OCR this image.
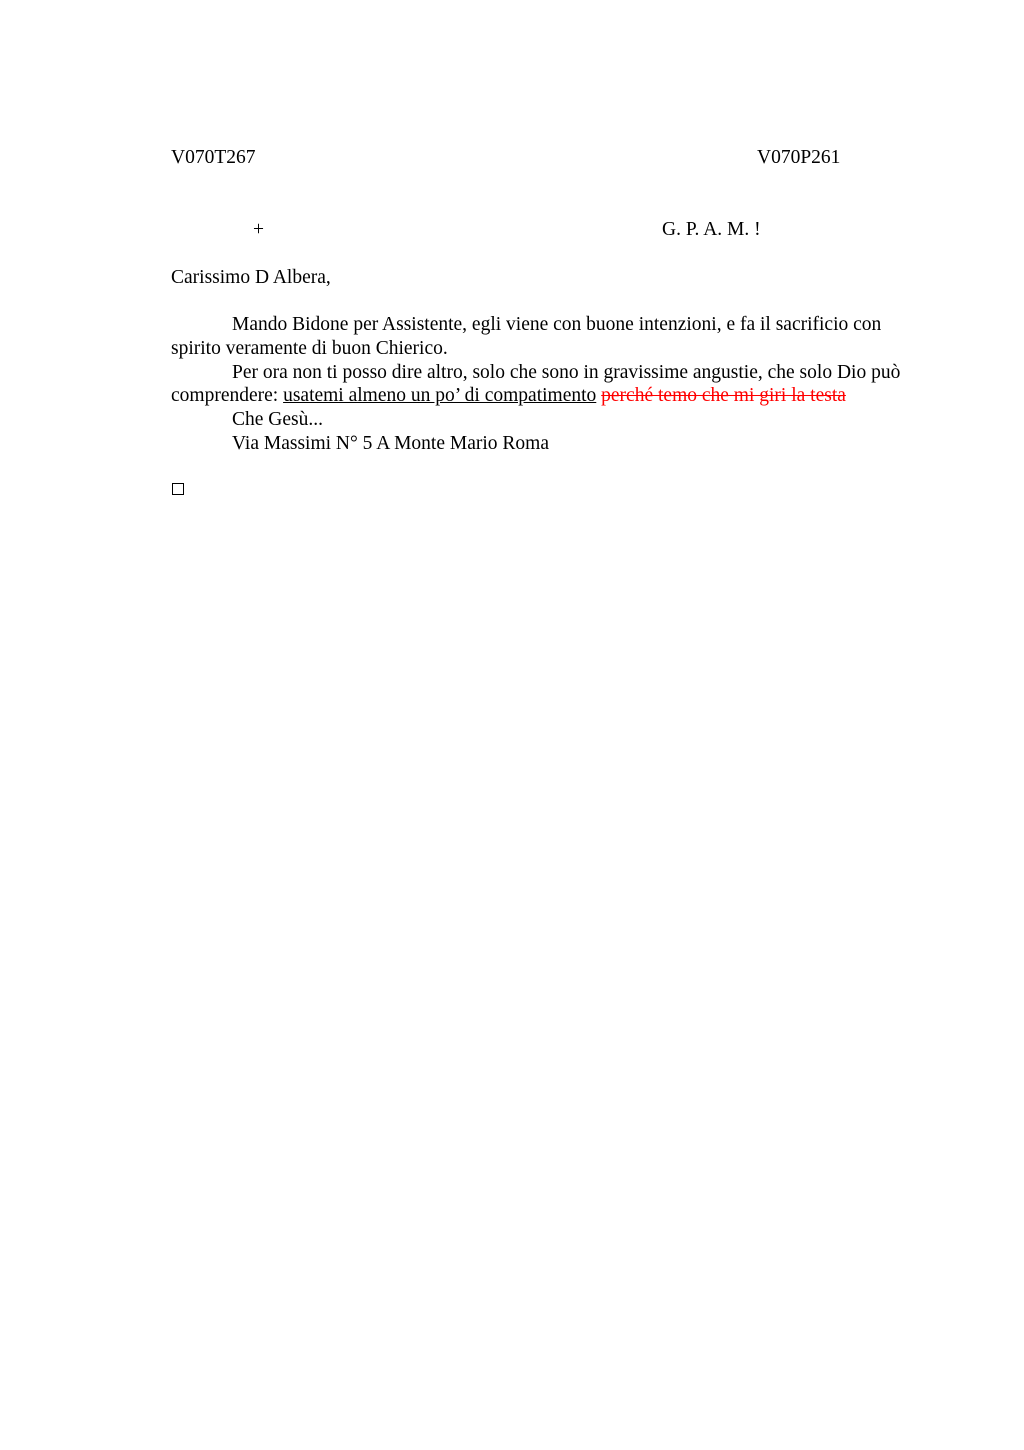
V070T267	V070P261
+	G. P. A. M. !
Carissimo D Albera,

Mando Bidone per Assistente, egli viene con buone intenzioni, e fa il sacrificio con spirito veramente di buon Chierico.

Per ora non ti posso dire altro, solo che sono in gravissime angustie, che solo Dio può comprendere: usatemi almeno un po’ di compatimento perché temo che mi giri la testa

Che Gesù...

Via Massimi N° 5 A Monte Mario Roma
